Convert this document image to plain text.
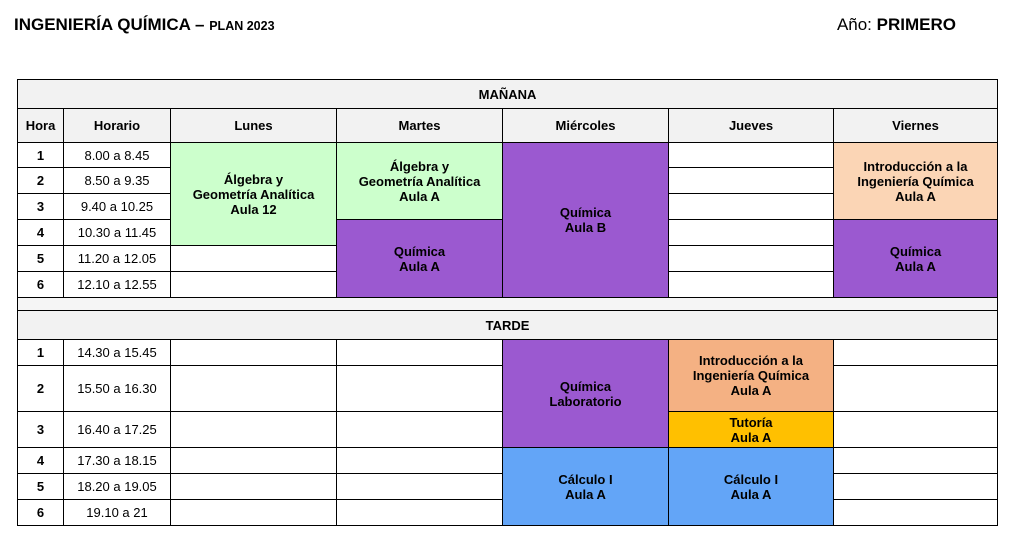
INGENIERÍA QUÍMICA – PLAN 2023	Año: PRIMERO
MAÑANA						
Hora	Horario	Lunes	Martes	Miércoles	Jueves	Viernes
1	8.00 a 8.45	Álgebra y
Geometría Analítica
Aula 12	Álgebra y
Geometría Analítica
Aula A	Química
Aula B		Introducción a la
Ingeniería Química
Aula A

2	8.50 a 9.35					
3	9.40 a 10.25					
4	10.30 a 11.45		Química
Aula A			Química
Aula A

5	11.20 a 12.05					
6	12.10 a 12.55					

TARDE						
1	14.30 a 15.45			Química
Laboratorio	Introducción a la
Ingeniería Química
Aula A	

2	15.50 a 16.30					
3	16.40 a 17.25				Tutoría
Aula A	

4	17.30 a 18.15			Cálculo I
Aula A	Cálculo I
Aula A	

5	18.20 a 19.05					
6	19.10 a 21					
